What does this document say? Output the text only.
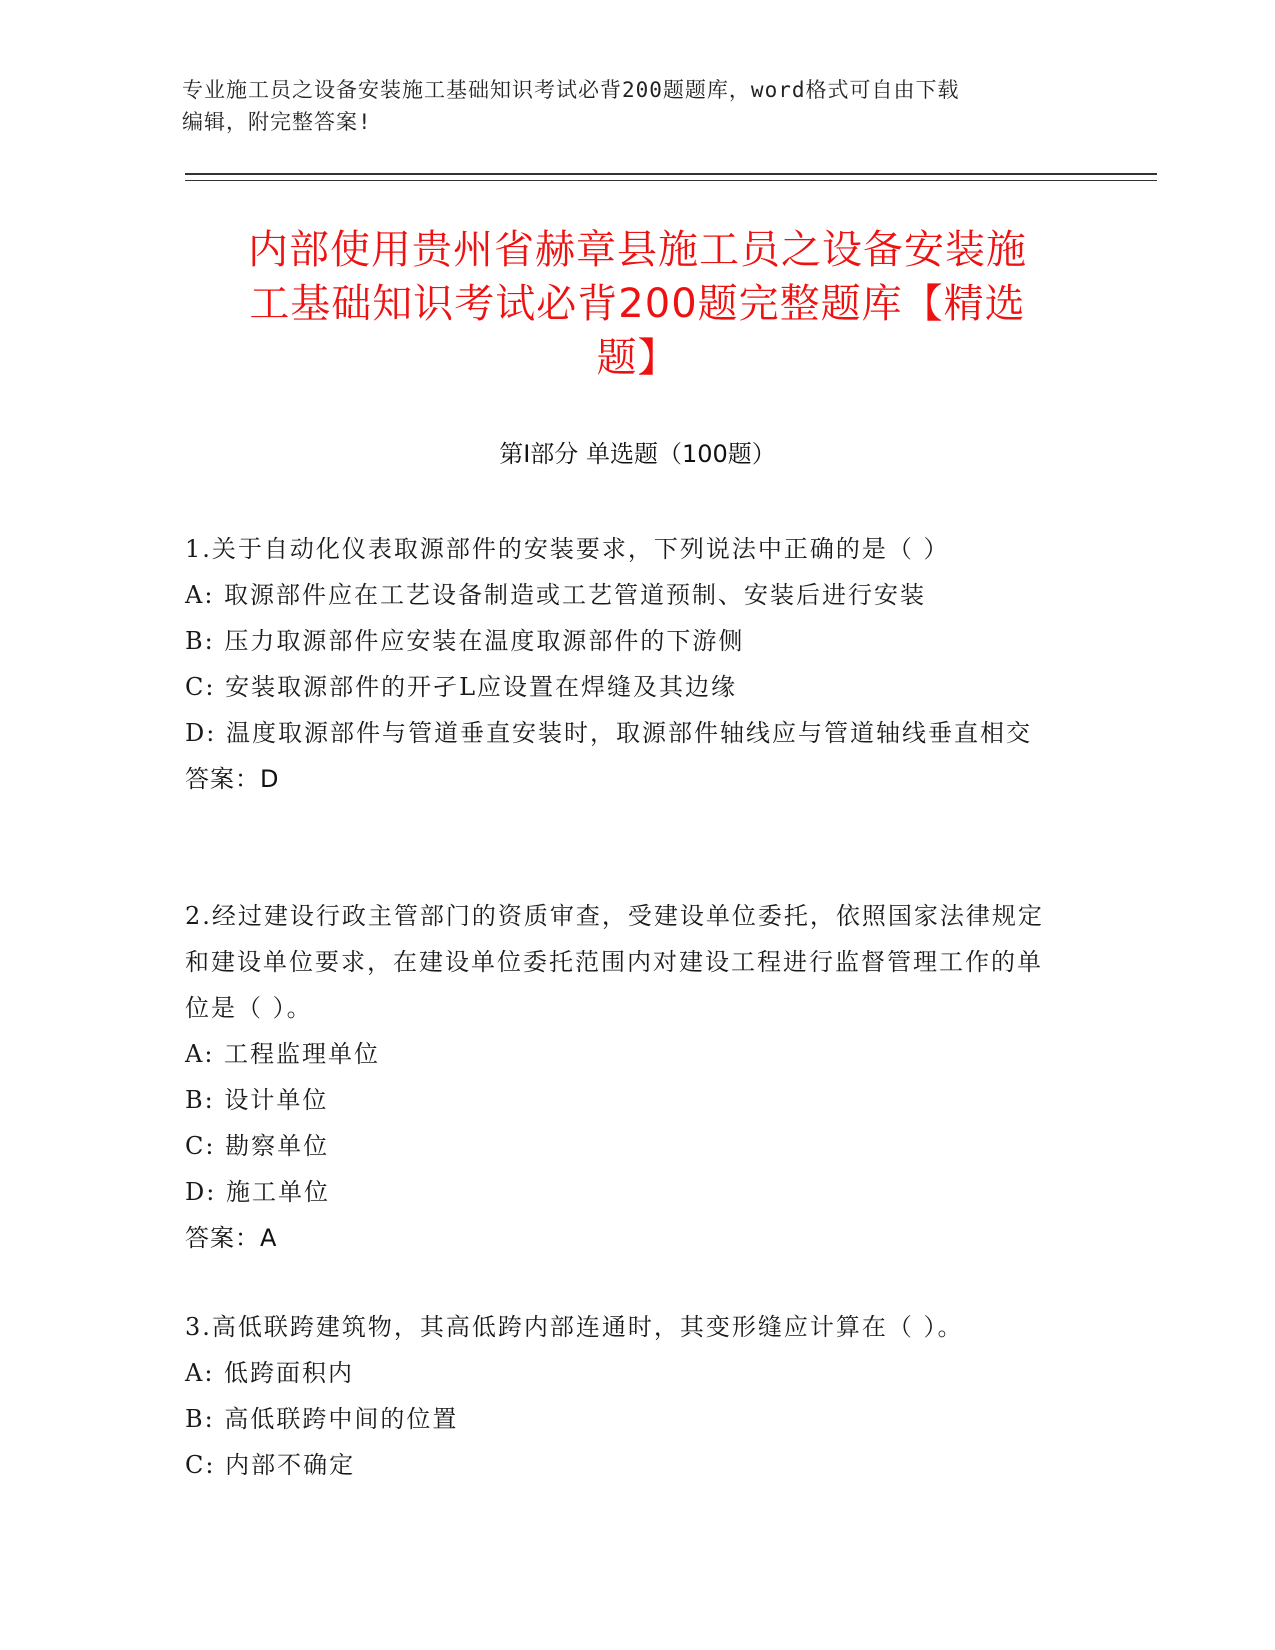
专业施工员之设备安装施工基础知识考试必背200题题库，word格式可自由下载
编辑，附完整答案!
内部使用贵州省赫章县施工员之设备安装施
工基础知识考试必背200题完整题库【精选
题】
第I部分 单选题（100题）
1.关于自动化仪表取源部件的安装要求，下列说法中正确的是（ ）
A: 取源部件应在工艺设备制造或工艺管道预制、安装后进行安装
B: 压力取源部件应安装在温度取源部件的下游侧
C: 安装取源部件的开孑L应设置在焊缝及其边缘
D: 温度取源部件与管道垂直安装时，取源部件轴线应与管道轴线垂直相交
答案：D
2.经过建设行政主管部门的资质审查，受建设单位委托，依照国家法律规定和建设单位要求，在建设单位委托范围内对建设工程进行监督管理工作的单位是（ ）。
A: 工程监理单位
B: 设计单位
C: 勘察单位
D: 施工单位
答案：A
3.高低联跨建筑物，其高低跨内部连通时，其变形缝应计算在（ ）。
A: 低跨面积内
B: 高低联跨中间的位置
C: 内部不确定
